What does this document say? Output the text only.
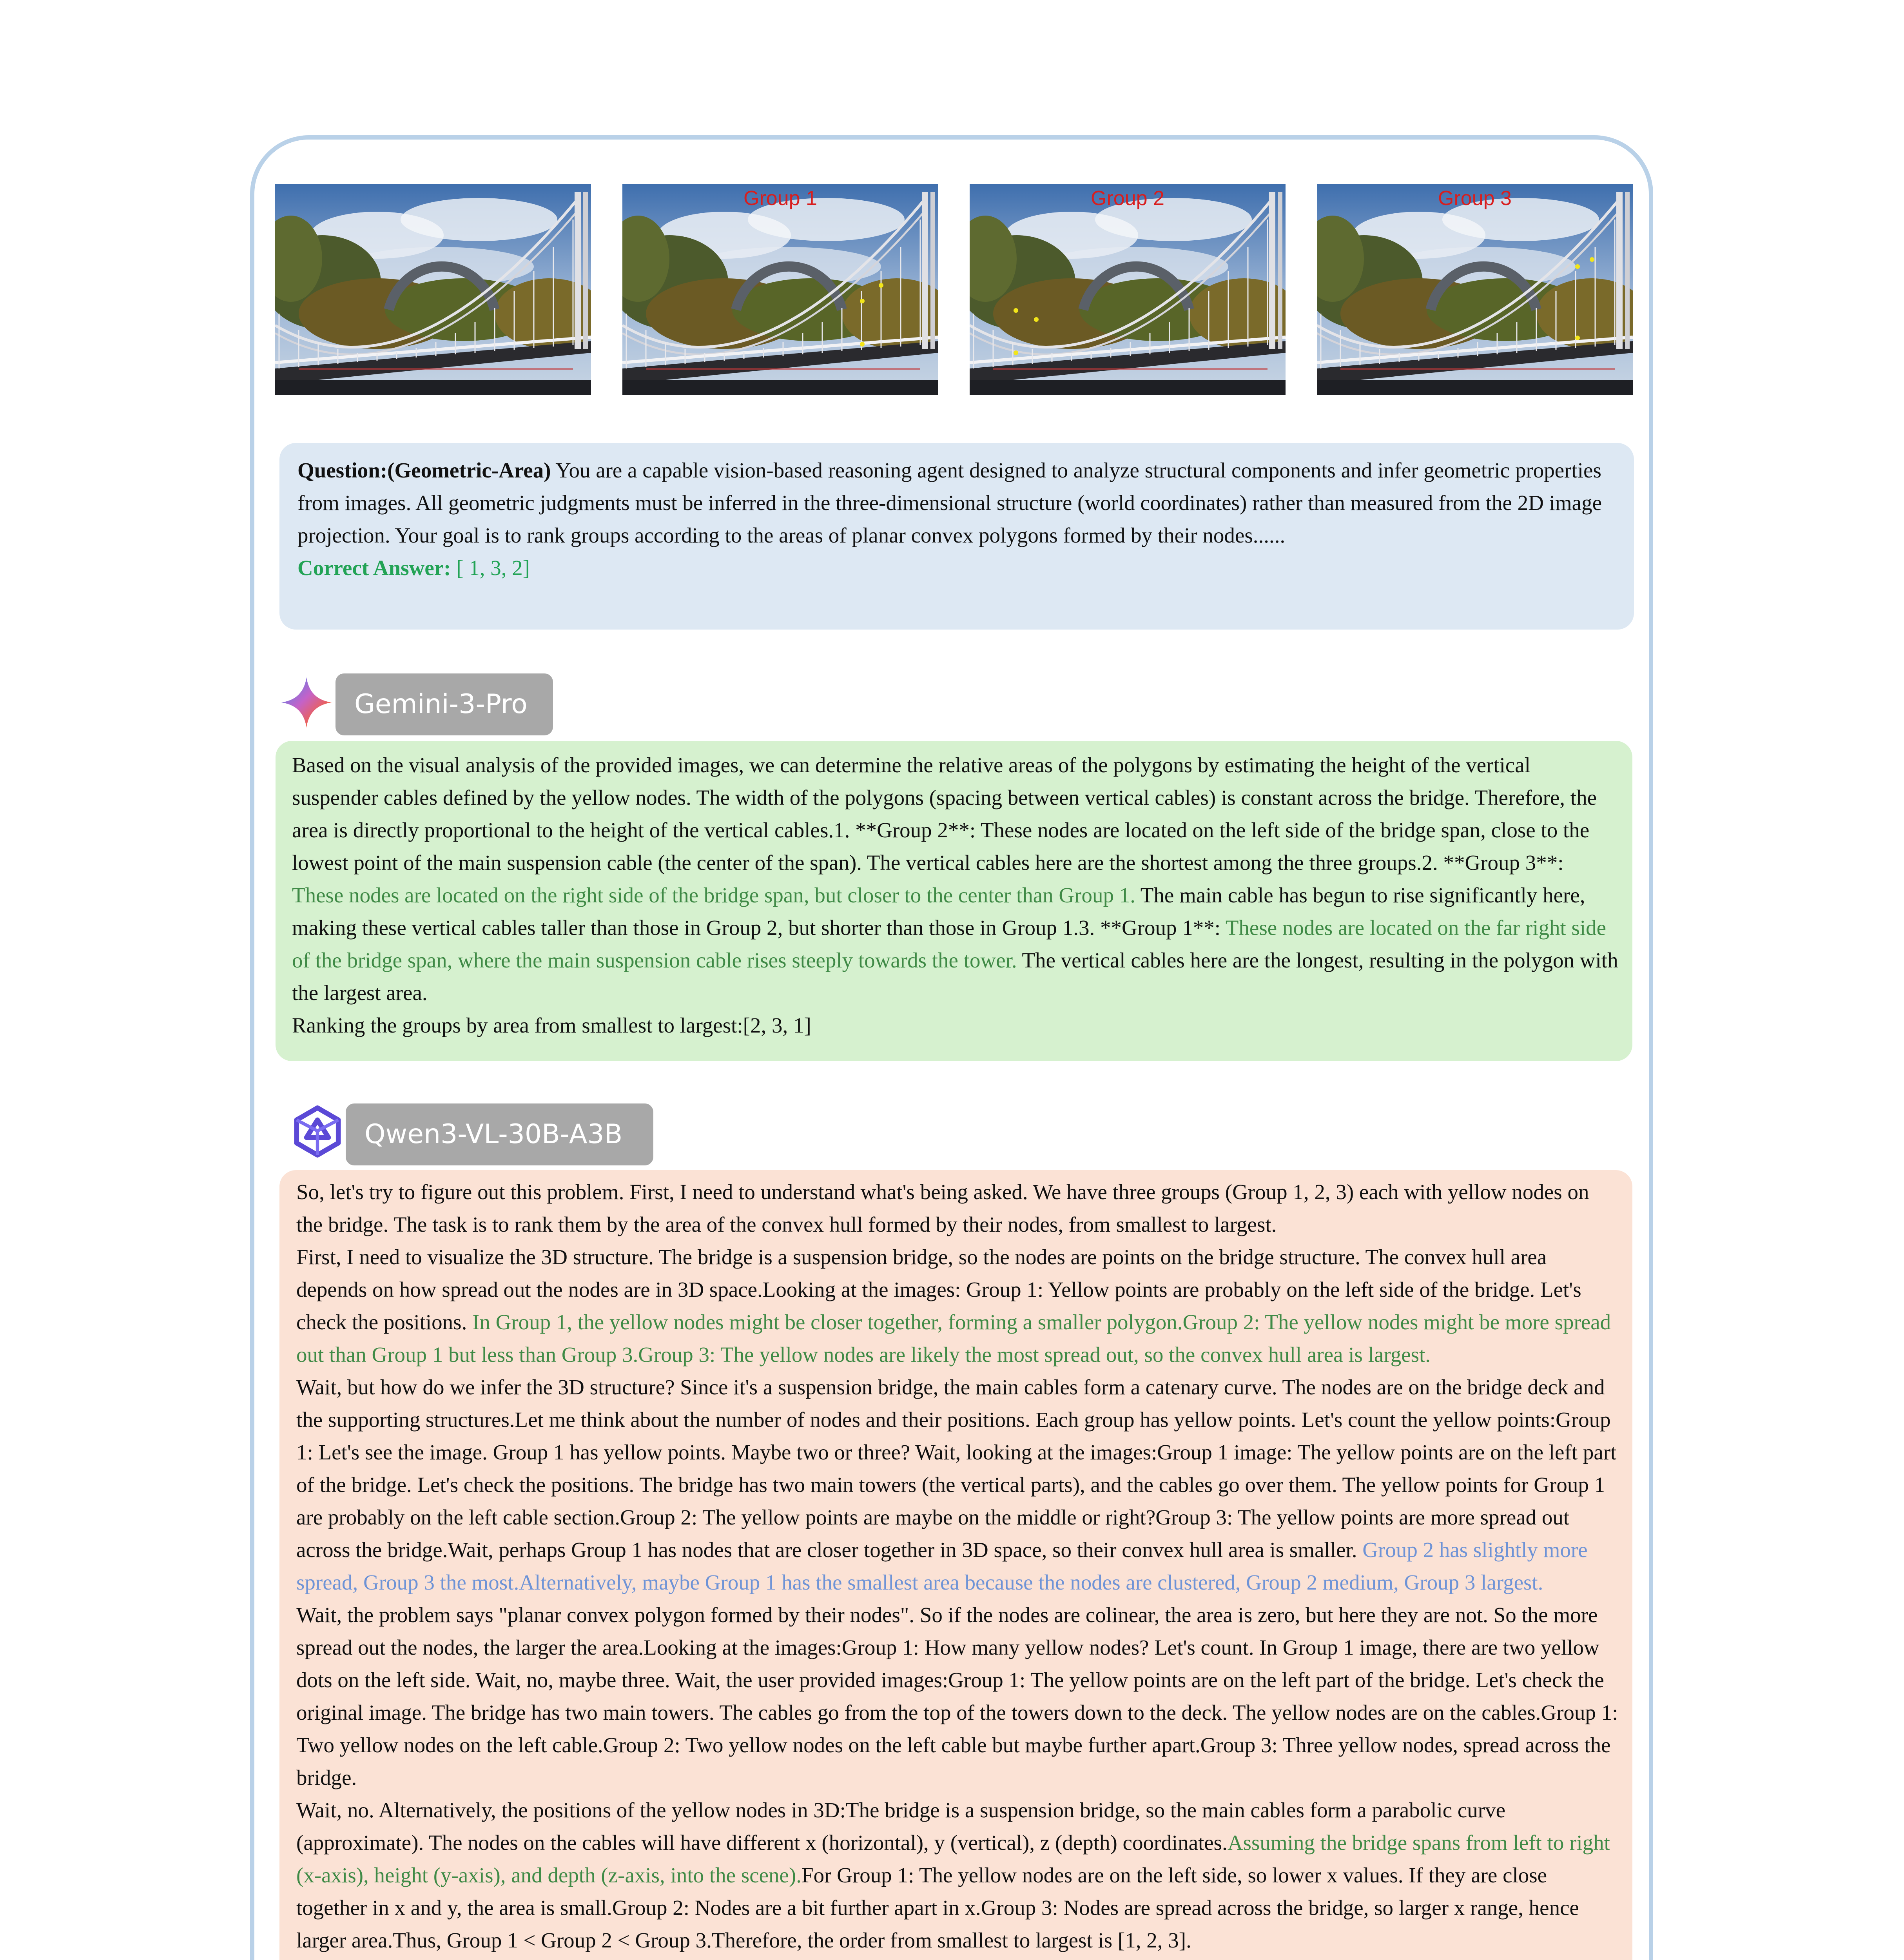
Group 1	Group 2	Group 3

Question:(Geometric-Area) You are a capable vision-based reasoning agent designed to analyze structural components and infer geometric properties from images. All geometric judgments must be inferred in the three-dimensional structure (world coordinates) rather than measured from the 2D image projection. Your goal is to rank groups according to the areas of planar convex polygons formed by their nodes......

Correct Answer: [ 1, 3, 2]

Gemini-3-Pro

Based on the visual analysis of the provided images, we can determine the relative areas of the polygons by estimating the height of the vertical suspender cables defined by the yellow nodes. The width of the polygons (spacing between vertical cables) is constant across the bridge. Therefore, the area is directly proportional to the height of the vertical cables.1. **Group 2**: These nodes are located on the left side of the bridge span, close to the lowest point of the main suspension cable (the center of the span). The vertical cables here are the shortest among the three groups.2. **Group 3**: These nodes are located on the right side of the bridge span, but closer to the center than Group 1. The main cable has begun to rise significantly here, making these vertical cables taller than those in Group 2, but shorter than those in Group 1.3. **Group 1**: These nodes are located on the far right side of the bridge span, where the main suspension cable rises steeply towards the tower. The vertical cables here are the longest, resulting in the polygon with the largest area.

Ranking the groups by area from smallest to largest:[2, 3, 1]

Qwen3-VL-30B-A3B

So, let's try to figure out this problem. First, I need to understand what's being asked. We have three groups (Group 1, 2, 3) each with yellow nodes on the bridge. The task is to rank them by the area of the convex hull formed by their nodes, from smallest to largest.

First, I need to visualize the 3D structure. The bridge is a suspension bridge, so the nodes are points on the bridge structure. The convex hull area depends on how spread out the nodes are in 3D space.Looking at the images: Group 1: Yellow points are probably on the left side of the bridge. Let's check the positions. In Group 1, the yellow nodes might be closer together, forming a smaller polygon.Group 2: The yellow nodes might be more spread out than Group 1 but less than Group 3.Group 3: The yellow nodes are likely the most spread out, so the convex hull area is largest.

Wait, but how do we infer the 3D structure? Since it's a suspension bridge, the main cables form a catenary curve. The nodes are on the bridge deck and the supporting structures.Let me think about the number of nodes and their positions. Each group has yellow points. Let's count the yellow points:Group 1: Let's see the image. Group 1 has yellow points. Maybe two or three? Wait, looking at the images:Group 1 image: The yellow points are on the left part of the bridge. Let's check the positions. The bridge has two main towers (the vertical parts), and the cables go over them. The yellow points for Group 1 are probably on the left cable section.Group 2: The yellow points are maybe on the middle or right?Group 3: The yellow points are more spread out across the bridge.Wait, perhaps Group 1 has nodes that are closer together in 3D space, so their convex hull area is smaller. Group 2 has slightly more spread, Group 3 the most.Alternatively, maybe Group 1 has the smallest area because the nodes are clustered, Group 2 medium, Group 3 largest.

Wait, the problem says "planar convex polygon formed by their nodes". So if the nodes are colinear, the area is zero, but here they are not. So the more spread out the nodes, the larger the area.Looking at the images:Group 1: How many yellow nodes? Let's count. In Group 1 image, there are two yellow dots on the left side. Wait, no, maybe three. Wait, the user provided images:Group 1: The yellow points are on the left part of the bridge. Let's check the original image. The bridge has two main towers. The cables go from the top of the towers down to the deck. The yellow nodes are on the cables.Group 1: Two yellow nodes on the left cable.Group 2: Two yellow nodes on the left cable but maybe further apart.Group 3: Three yellow nodes, spread across the bridge.

Wait, no. Alternatively, the positions of the yellow nodes in 3D:The bridge is a suspension bridge, so the main cables form a parabolic curve (approximate). The nodes on the cables will have different x (horizontal), y (vertical), z (depth) coordinates.Assuming the bridge spans from left to right (x-axis), height (y-axis), and depth (z-axis, into the scene).For Group 1: The yellow nodes are on the left side, so lower x values. If they are close together in x and y, the area is small.Group 2: Nodes are a bit further apart in x.Group 3: Nodes are spread across the bridge, so larger x range, hence larger area.Thus, Group 1 < Group 2 < Group 3.Therefore, the order from smallest to largest is [1, 2, 3].
